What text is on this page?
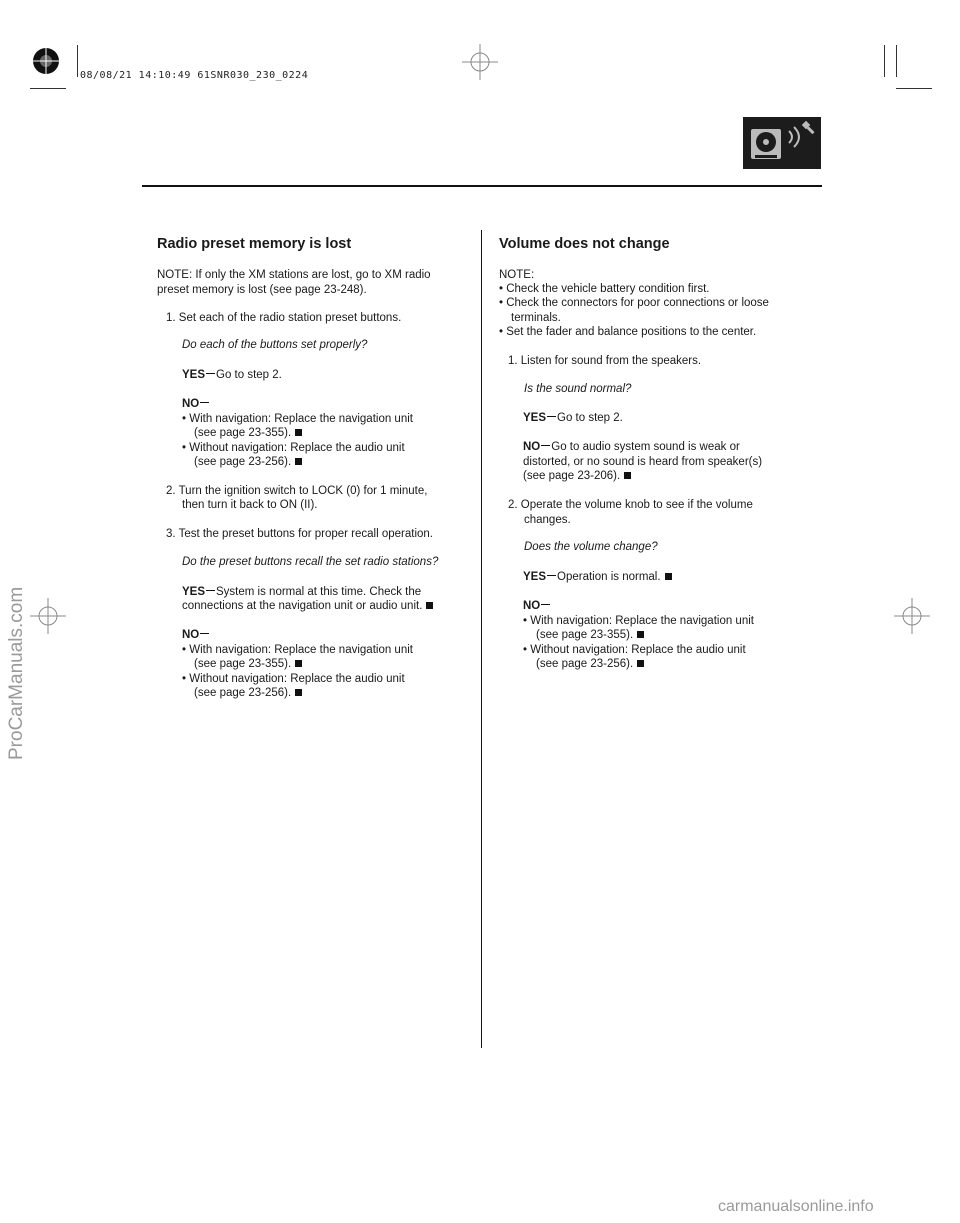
08/08/21 14:10:49 61SNR030_230_0224
ProCarManuals.com
carmanualsonline.info
Radio preset memory is lost
NOTE: If only the XM stations are lost, go to XM radio
preset memory is lost (see page 23-248).
1. Set each of the radio station preset buttons.
Do each of the buttons set properly?
YES Go to step 2.
NO
• With navigation: Replace the navigation unit
(see page 23-355).
• Without navigation: Replace the audio unit
(see page 23-256).
2. Turn the ignition switch to LOCK (0) for 1 minute,
then turn it back to ON (II).
3. Test the preset buttons for proper recall operation.
Do the preset buttons recall the set radio stations?
YES System is normal at this time. Check the
connections at the navigation unit or audio unit.
NO
• With navigation: Replace the navigation unit
(see page 23-355).
• Without navigation: Replace the audio unit
(see page 23-256).
Volume does not change
NOTE:
• Check the vehicle battery condition first.
• Check the connectors for poor connections or loose
terminals.
• Set the fader and balance positions to the center.
1. Listen for sound from the speakers.
Is the sound normal?
YES Go to step 2.
NO Go to audio system sound is weak or
distorted, or no sound is heard from speaker(s)
(see page 23-206).
2. Operate the volume knob to see if the volume
changes.
Does the volume change?
YES Operation is normal.
NO
• With navigation: Replace the navigation unit
(see page 23-355).
• Without navigation: Replace the audio unit
(see page 23-256).
